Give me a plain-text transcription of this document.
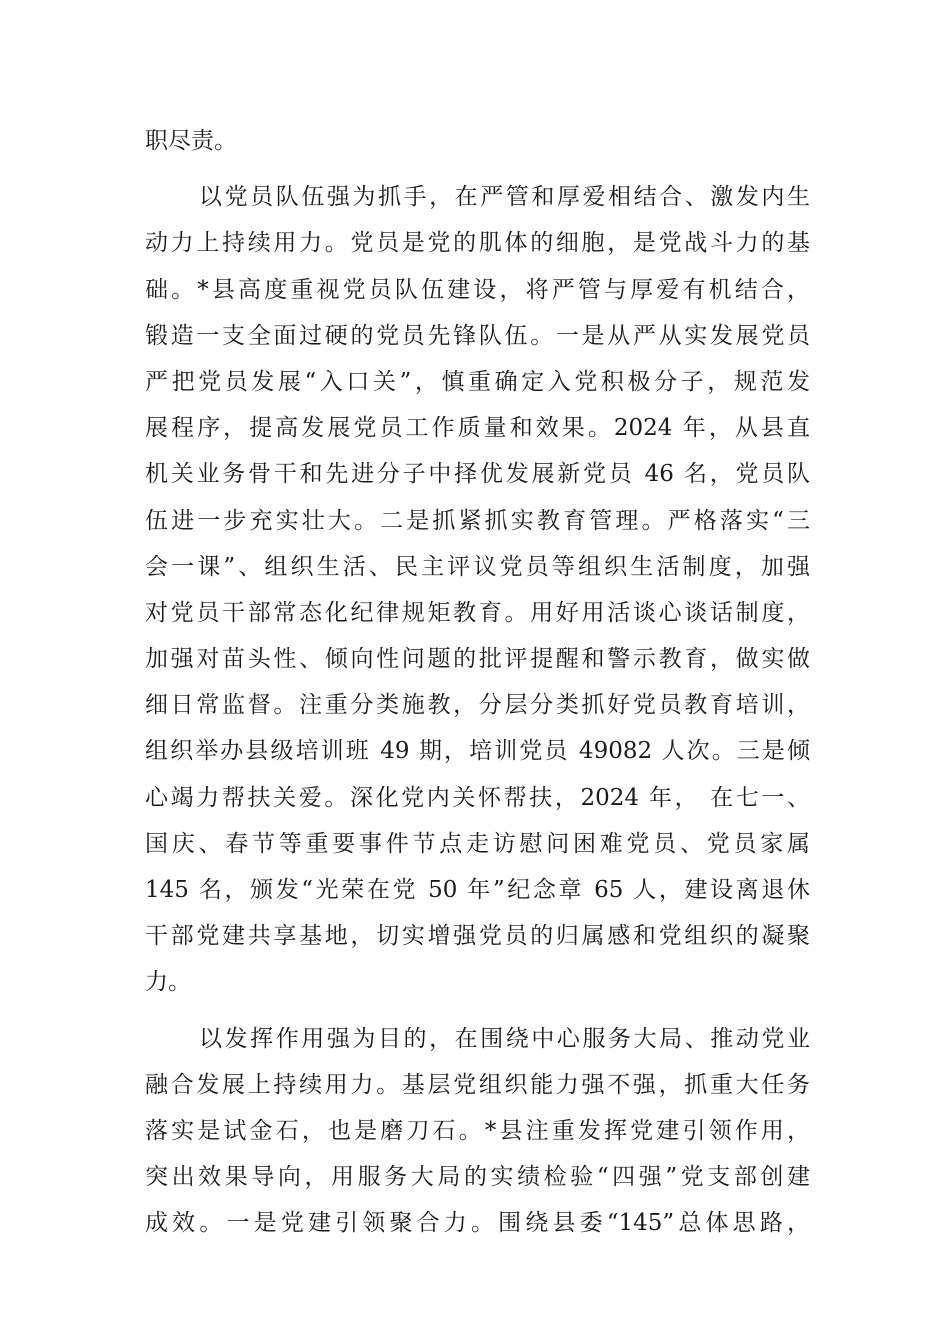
职尽责。
以党员队伍强为抓手，在严管和厚爱相结合、激发内生
动力上持续用力。党员是党的肌体的细胞，是党战斗力的基
础。*县高度重视党员队伍建设，将严管与厚爱有机结合，
锻造一支全面过硬的党员先锋队伍。一是从严从实发展党员
严把党员发展“入口关”，慎重确定入党积极分子，规范发
展程序，提高发展党员工作质量和效果。2024 年，从县直
机关业务骨干和先进分子中择优发展新党员 46 名，党员队
伍进一步充实壮大。二是抓紧抓实教育管理。严格落实“三
会一课”、组织生活、民主评议党员等组织生活制度，加强
对党员干部常态化纪律规矩教育。用好用活谈心谈话制度，
加强对苗头性、倾向性问题的批评提醒和警示教育，做实做
细日常监督。注重分类施教，分层分类抓好党员教育培训，
组织举办县级培训班 49 期，培训党员 49082 人次。三是倾
心竭力帮扶关爱。深化党内关怀帮扶，2024 年， 在七一、
国庆、春节等重要事件节点走访慰问困难党员、党员家属
145 名，颁发“光荣在党 50 年”纪念章 65 人，建设离退休
干部党建共享基地，切实增强党员的归属感和党组织的凝聚
力。
以发挥作用强为目的，在围绕中心服务大局、推动党业
融合发展上持续用力。基层党组织能力强不强，抓重大任务
落实是试金石，也是磨刀石。*县注重发挥党建引领作用，
突出效果导向，用服务大局的实绩检验“四强”党支部创建
成效。一是党建引领聚合力。围绕县委“145”总体思路，
